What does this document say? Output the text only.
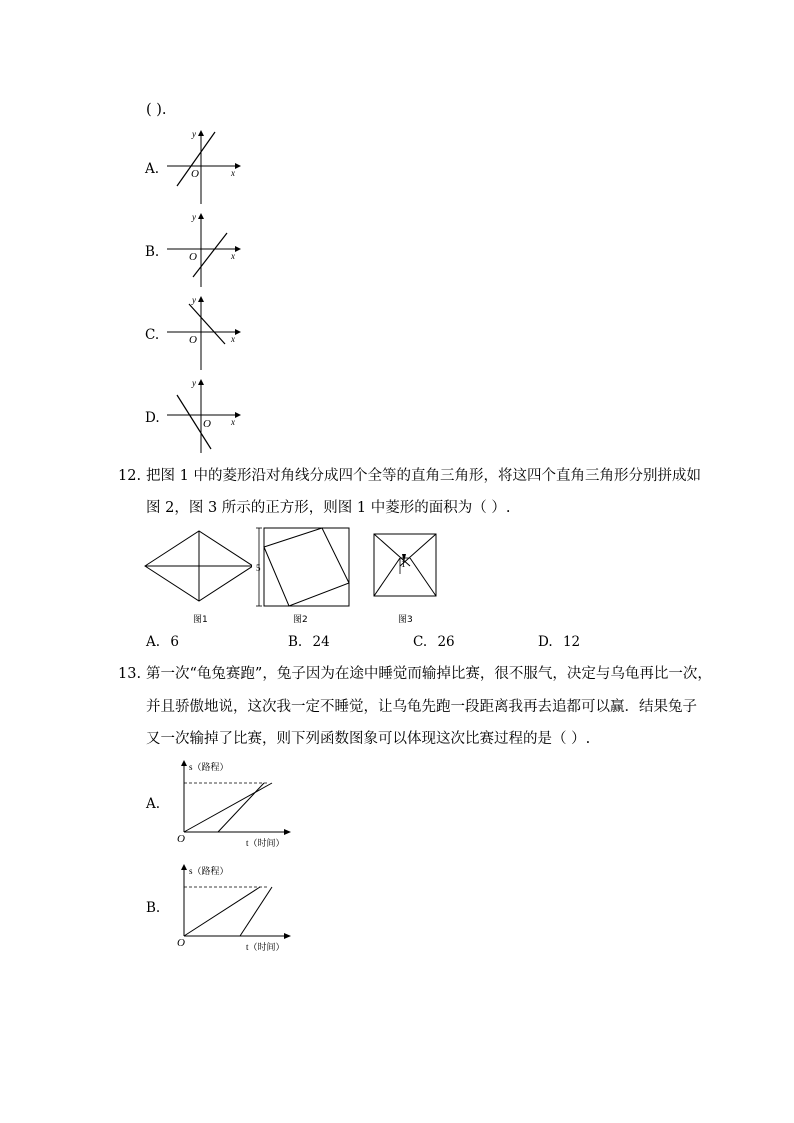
( ).
A.
y
x
O
B.
y
x
O
C.
y
x
O
D.
y
x
O
12. 把图 1 中的菱形沿对角线分成四个全等的直角三角形，将这四个直角三角形分别拼成如
图 2，图 3 所示的正方形，则图 1 中菱形的面积为（ ）.
图1
5
图2
1
图3
A. 6	B. 24	C. 26	D. 12
13. 第一次“龟兔赛跑”，兔子因为在途中睡觉而输掉比赛，很不服气，决定与乌龟再比一次，
并且骄傲地说，这次我一定不睡觉，让乌龟先跑一段距离我再去追都可以赢．结果兔子
又一次输掉了比赛，则下列函数图象可以体现这次比赛过程的是（ ）.
A.
s（路程）
t（时间）
O
B.
s（路程）
t（时间）
O
